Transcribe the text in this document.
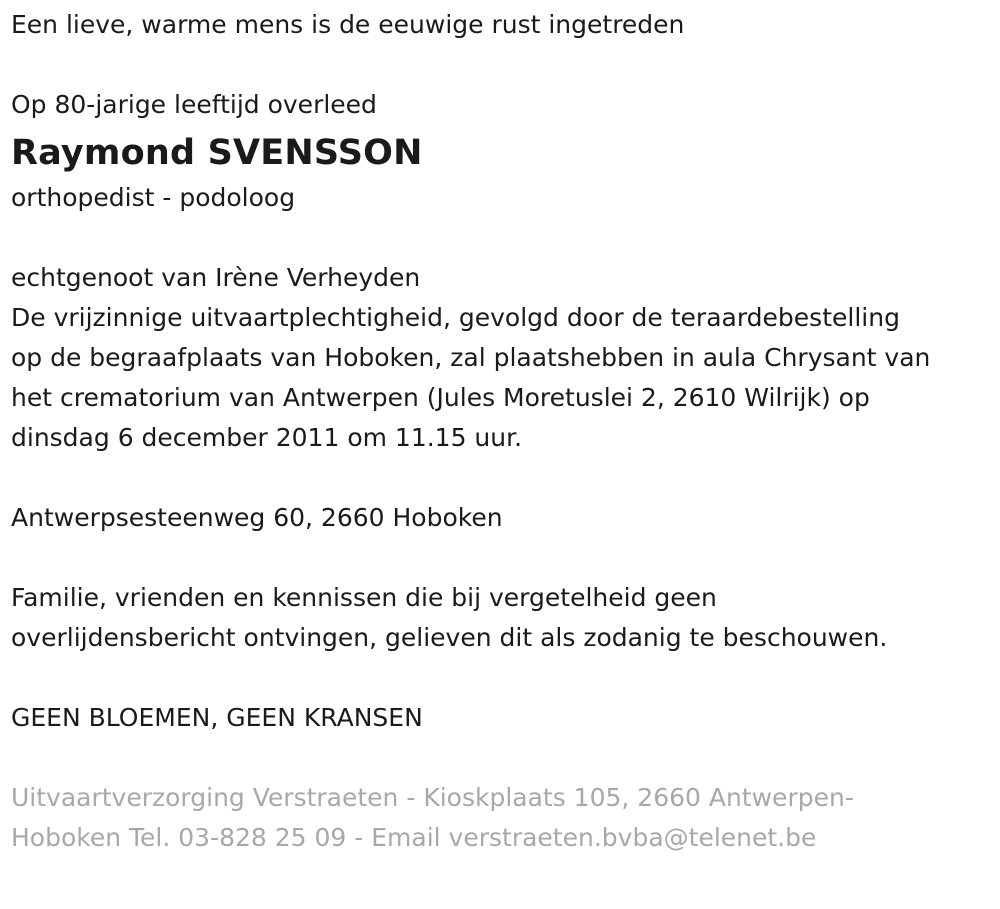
Een lieve, warme mens is de eeuwige rust ingetreden
Op 80-jarige leeftijd overleed
Raymond SVENSSON
orthopedist - podoloog
echtgenoot van Irène Verheyden
De vrijzinnige uitvaartplechtigheid, gevolgd door de teraardebestelling
op de begraafplaats van Hoboken, zal plaatshebben in aula Chrysant van
het crematorium van Antwerpen (Jules Moretuslei 2, 2610 Wilrijk) op
dinsdag 6 december 2011 om 11.15 uur.
Antwerpsesteenweg 60, 2660 Hoboken
Familie, vrienden en kennissen die bij vergetelheid geen
overlijdensbericht ontvingen, gelieven dit als zodanig te beschouwen.
GEEN BLOEMEN, GEEN KRANSEN
Uitvaartverzorging Verstraeten - Kioskplaats 105, 2660 Antwerpen-
Hoboken Tel. 03-828 25 09 - Email verstraeten.bvba@telenet.be
